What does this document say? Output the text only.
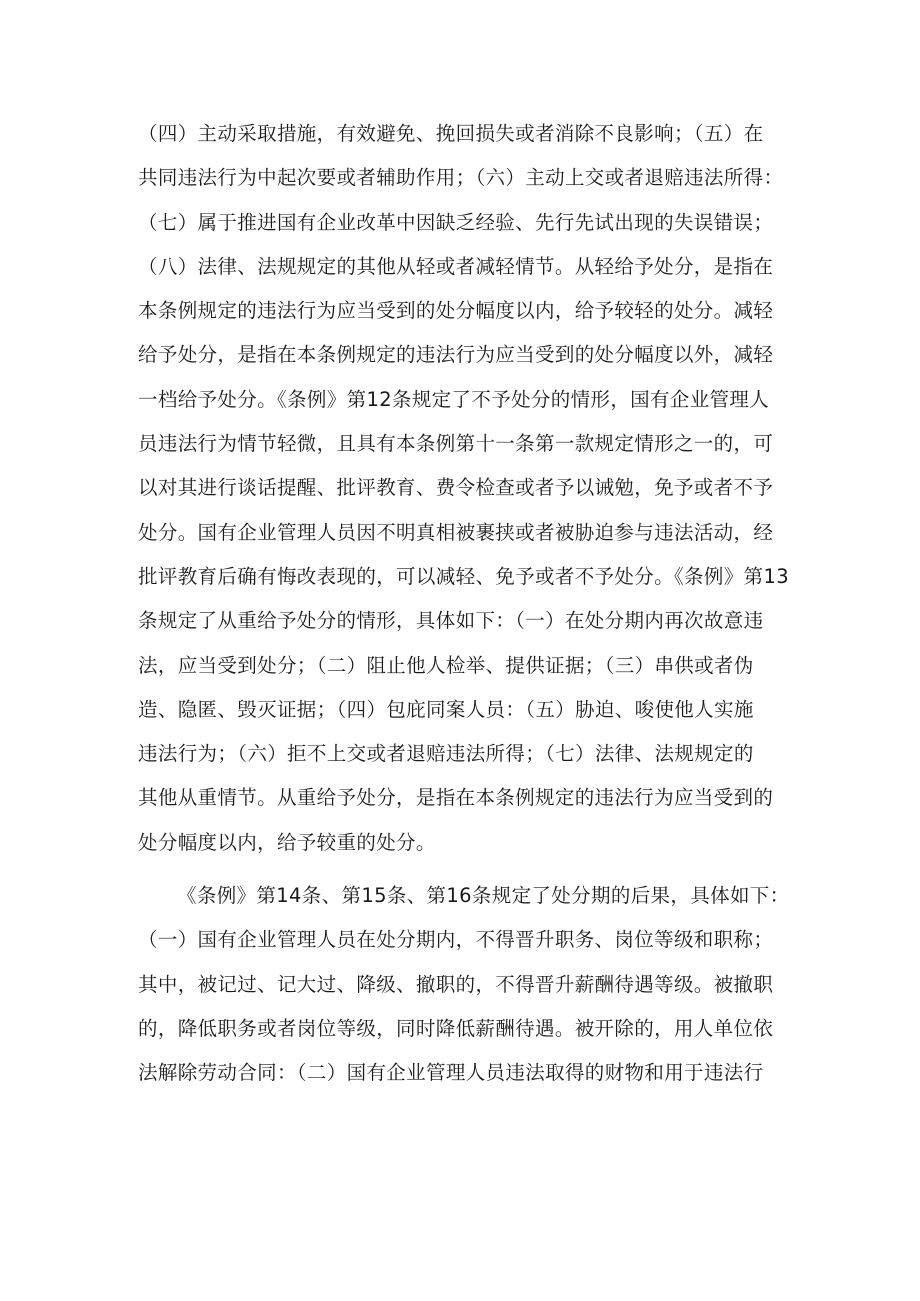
（四）主动采取措施，有效避免、挽回损失或者消除不良影响；（五）在
共同违法行为中起次要或者辅助作用；（六）主动上交或者退赔违法所得：
（七）属于推进国有企业改革中因缺乏经验、先行先试出现的失误错误；
（八）法律、法规规定的其他从轻或者减轻情节。从轻给予处分，是指在
本条例规定的违法行为应当受到的处分幅度以内，给予较轻的处分。减轻
给予处分，是指在本条例规定的违法行为应当受到的处分幅度以外，减轻
一档给予处分。《条例》第12条规定了不予处分的情形，国有企业管理人
员违法行为情节轻微，且具有本条例第十一条第一款规定情形之一的，可
以对其进行谈话提醒、批评教育、费令检查或者予以诫勉，免予或者不予
处分。国有企业管理人员因不明真相被裹挟或者被胁迫参与违法活动，经
批评教育后确有悔改表现的，可以减轻、免予或者不予处分。《条例》第13
条规定了从重给予处分的情形，具体如下：（一）在处分期内再次故意违
法，应当受到处分；（二）阻止他人检举、提供证据；（三）串供或者伪
造、隐匿、毁灭证据；（四）包庇同案人员：（五）胁迫、唆使他人实施
违法行为；（六）拒不上交或者退赔违法所得；（七）法律、法规规定的
其他从重情节。从重给予处分，是指在本条例规定的违法行为应当受到的
处分幅度以内，给予较重的处分。
《条例》第14条、第15条、第16条规定了处分期的后果，具体如下：
（一）国有企业管理人员在处分期内，不得晋升职务、岗位等级和职称；
其中，被记过、记大过、降级、撤职的，不得晋升薪酬待遇等级。被撤职
的，降低职务或者岗位等级，同时降低薪酬待遇。被开除的，用人单位依
法解除劳动合同：（二）国有企业管理人员违法取得的财物和用于违法行
